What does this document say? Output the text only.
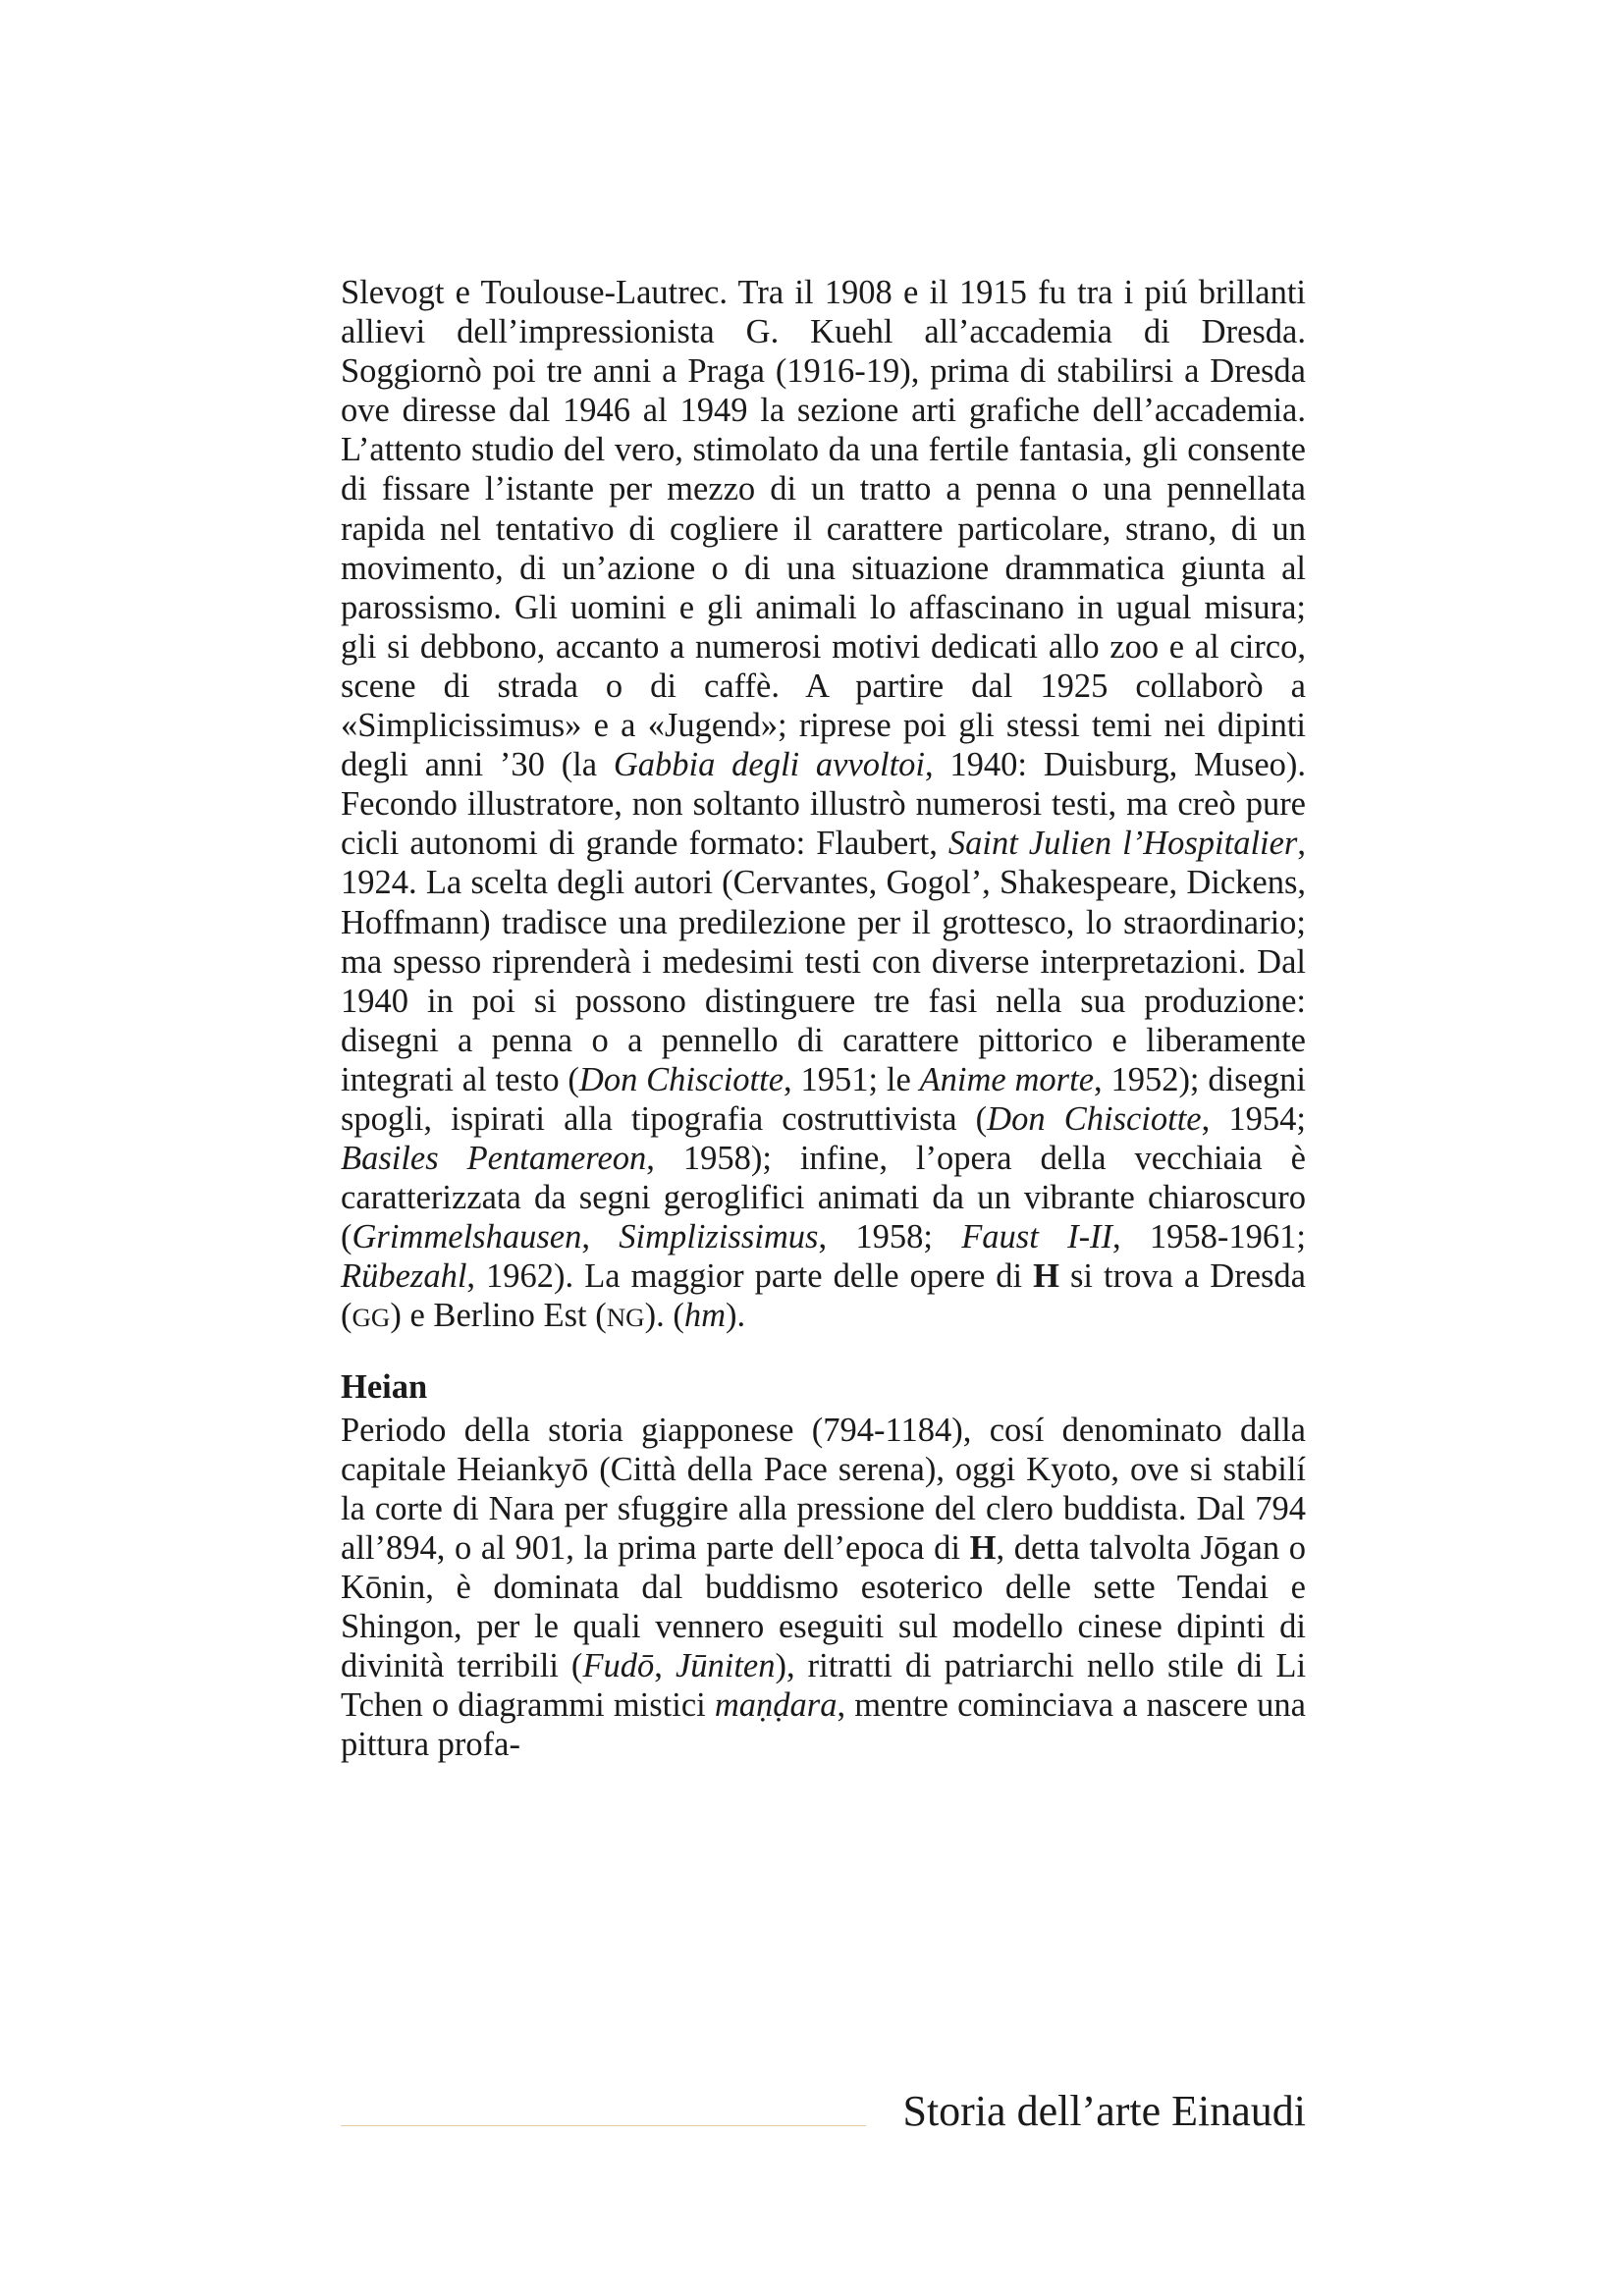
Slevogt e Toulouse-Lautrec. Tra il 1908 e il 1915 fu tra i piú brillanti allievi dell’impressionista G. Kuehl all’accademia di Dresda. Soggiornò poi tre anni a Praga (1916-19), prima di stabilirsi a Dresda ove diresse dal 1946 al 1949 la sezione arti grafiche dell’accademia. L’attento studio del vero, stimolato da una fertile fantasia, gli consente di fissare l’istante per mezzo di un tratto a penna o una pennellata rapida nel tentativo di cogliere il carattere particolare, strano, di un movimento, di un’azione o di una situazione drammatica giunta al parossismo. Gli uomini e gli animali lo affascinano in ugual misura; gli si debbono, accanto a numerosi motivi dedicati allo zoo e al circo, scene di strada o di caffè. A partire dal 1925 collaborò a «Simplicissimus» e a «Jugend»; riprese poi gli stessi temi nei dipinti degli anni ’30 (la Gabbia degli avvoltoi, 1940: Duisburg, Museo). Fecondo illustratore, non soltanto illustrò numerosi testi, ma creò pure cicli autonomi di grande formato: Flaubert, Saint Julien l’Hospitalier, 1924. La scelta degli autori (Cervantes, Gogol’, Shakespeare, Dickens, Hoffmann) tradisce una predilezione per il grottesco, lo straordinario; ma spesso riprenderà i medesimi testi con diverse interpretazioni. Dal 1940 in poi si possono distinguere tre fasi nella sua produzione: disegni a penna o a pennello di carattere pittorico e liberamente integrati al testo (Don Chisciotte, 1951; le Anime morte, 1952); disegni spogli, ispirati alla tipografia costruttivista (Don Chisciotte, 1954; Basiles Pentamereon, 1958); infine, l’opera della vecchiaia è caratterizzata da segni geroglifici animati da un vibrante chiaroscuro (Grimmelshausen, Simplizissimus, 1958; Faust I-II, 1958-1961; Rübezahl, 1962). La maggior parte delle opere di H si trova a Dresda (GG) e Berlino Est (NG). (hm).

Heian

Periodo della storia giapponese (794-1184), cosí denominato dalla capitale Heiankyō (Città della Pace serena), oggi Kyoto, ove si stabilí la corte di Nara per sfuggire alla pressione del clero buddista. Dal 794 all’894, o al 901, la prima parte dell’epoca di H, detta talvolta Jōgan o Kōnin, è dominata dal buddismo esoterico delle sette Tendai e Shingon, per le quali vennero eseguiti sul modello cinese dipinti di divinità terribili (Fudō, Jūniten), ritratti di patriarchi nello stile di Li Tchen o diagrammi mistici maṇḍara, mentre cominciava a nascere una pittura profa-

Storia dell’arte Einaudi
